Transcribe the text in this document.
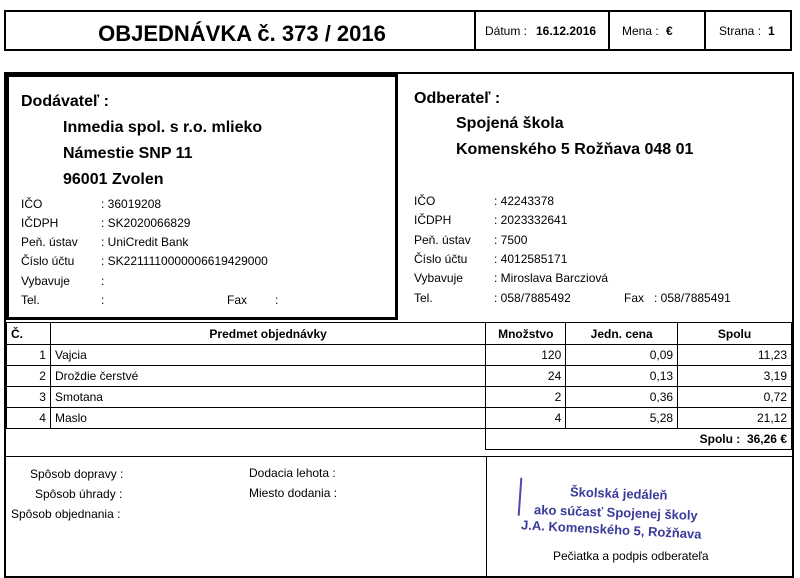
OBJEDNÁVKA č. 373 / 2016	Dátum : 16.12.2016 Mena : €	Strana : 1
Dodávateľ :
Inmedia spol. s r.o. mlieko
Námestie SNP 11
96001 Zvolen
IČO	: 36019208
IČDPH	: SK2020066829
Peň. ústav : UniCredit Bank
Číslo účtu : SK2211110000006619429000
Vybavuje	:
Tel.	:	Fax :
Odberateľ :
Spojená škola
Komenského 5 Rožňava 048 01
IČO	: 42243378
IČDPH	: 2023332641
Peň. ústav : 7500
Číslo účtu : 4012585171
Vybavuje	: Miroslava Barcziová
Tel.	: 058/7885492	Fax : 058/7885491
Č.	Predmet objednávky	Množstvo	Jedn. cena	Spolu
1	Vajcia	120	0,09	11,23
2	Droždie čerstvé	24	0,13	3,19
3	Smotana	2	0,36	0,72
4	Maslo	4	5,28	21,12
		Spolu : 36,26 €		
Spôsob dopravy :
Spôsob úhrady :
Spôsob objednania :
Dodacia lehota :
Miesto dodania :	Školská jedáleň
ako súčasť Spojenej školy
J.A. Komenského 5, Rožňava
Pečiatka a podpis odberateľa
